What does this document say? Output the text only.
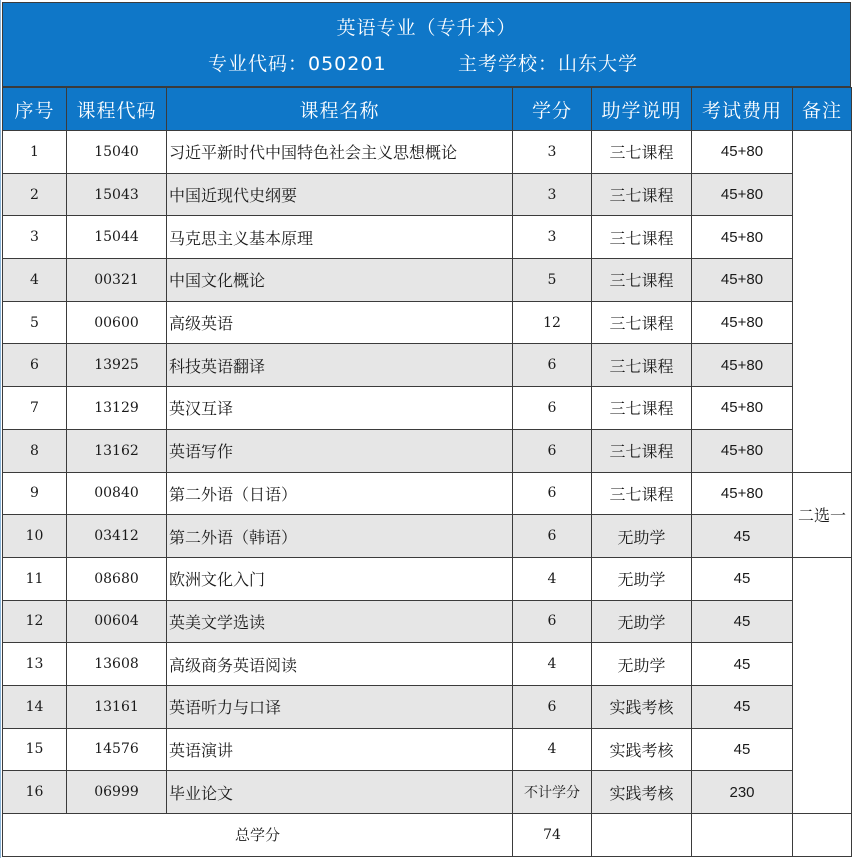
英语专业（专升本）
专业代码：050201	主考学校：山东大学
序号	课程代码	课程名称	学分	助学说明	考试费用	备注
1	15040	习近平新时代中国特色社会主义思想概论	3	三七课程	45+80	
2	15043	中国近现代史纲要	3	三七课程	45+80	
3	15044	马克思主义基本原理	3	三七课程	45+80	
4	00321	中国文化概论	5	三七课程	45+80	
5	00600	高级英语	12	三七课程	45+80	
6	13925	科技英语翻译	6	三七课程	45+80	
7	13129	英汉互译	6	三七课程	45+80	
8	13162	英语写作	6	三七课程	45+80	
9	00840	第二外语（日语）	6	三七课程	45+80	二选一
10	03412	第二外语（韩语）	6	无助学	45	
11	08680	欧洲文化入门	4	无助学	45	
12	00604	英美文学选读	6	无助学	45	
13	13608	高级商务英语阅读	4	无助学	45	
14	13161	英语听力与口译	6	实践考核	45	
15	14576	英语演讲	4	实践考核	45	
16	06999	毕业论文	不计学分	实践考核	230	
总学分			74			
